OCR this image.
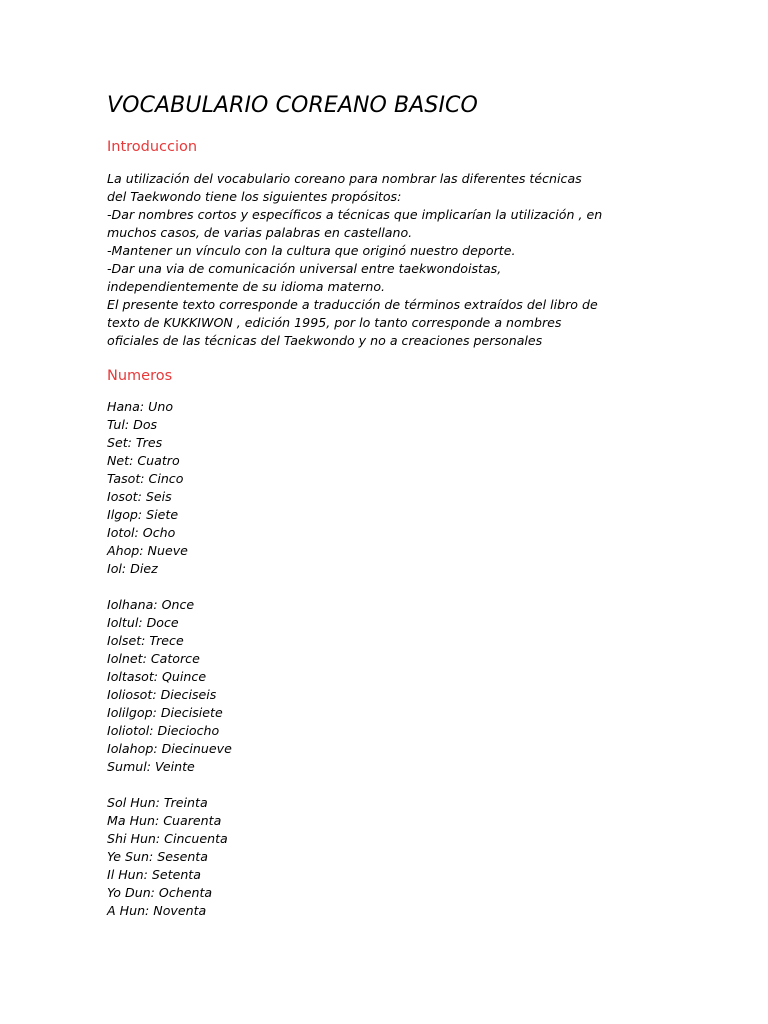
VOCABULARIO COREANO BASICO
Introduccion
La utilización del vocabulario coreano para nombrar las diferentes técnicas
del Taekwondo tiene los siguientes propósitos:
-Dar nombres cortos y específicos a técnicas que implicarían la utilización , en
muchos casos, de varias palabras en castellano.
-Mantener un vínculo con la cultura que originó nuestro deporte.
-Dar una via de comunicación universal entre taekwondoistas,
independientemente de su idioma materno.
El presente texto corresponde a traducción de términos extraídos del libro de
texto de KUKKIWON , edición 1995, por lo tanto corresponde a nombres
oficiales de las técnicas del Taekwondo y no a creaciones personales
Numeros
Hana: Uno
Tul: Dos
Set: Tres
Net: Cuatro
Tasot: Cinco
Iosot: Seis
Ilgop: Siete
Iotol: Ocho
Ahop: Nueve
Iol: Diez
Iolhana: Once
Ioltul: Doce
Iolset: Trece
Iolnet: Catorce
Ioltasot: Quince
Ioliosot: Dieciseis
Iolilgop: Diecisiete
Ioliotol: Dieciocho
Iolahop: Diecinueve
Sumul: Veinte
Sol Hun: Treinta
Ma Hun: Cuarenta
Shi Hun: Cincuenta
Ye Sun: Sesenta
Il Hun: Setenta
Yo Dun: Ochenta
A Hun: Noventa
